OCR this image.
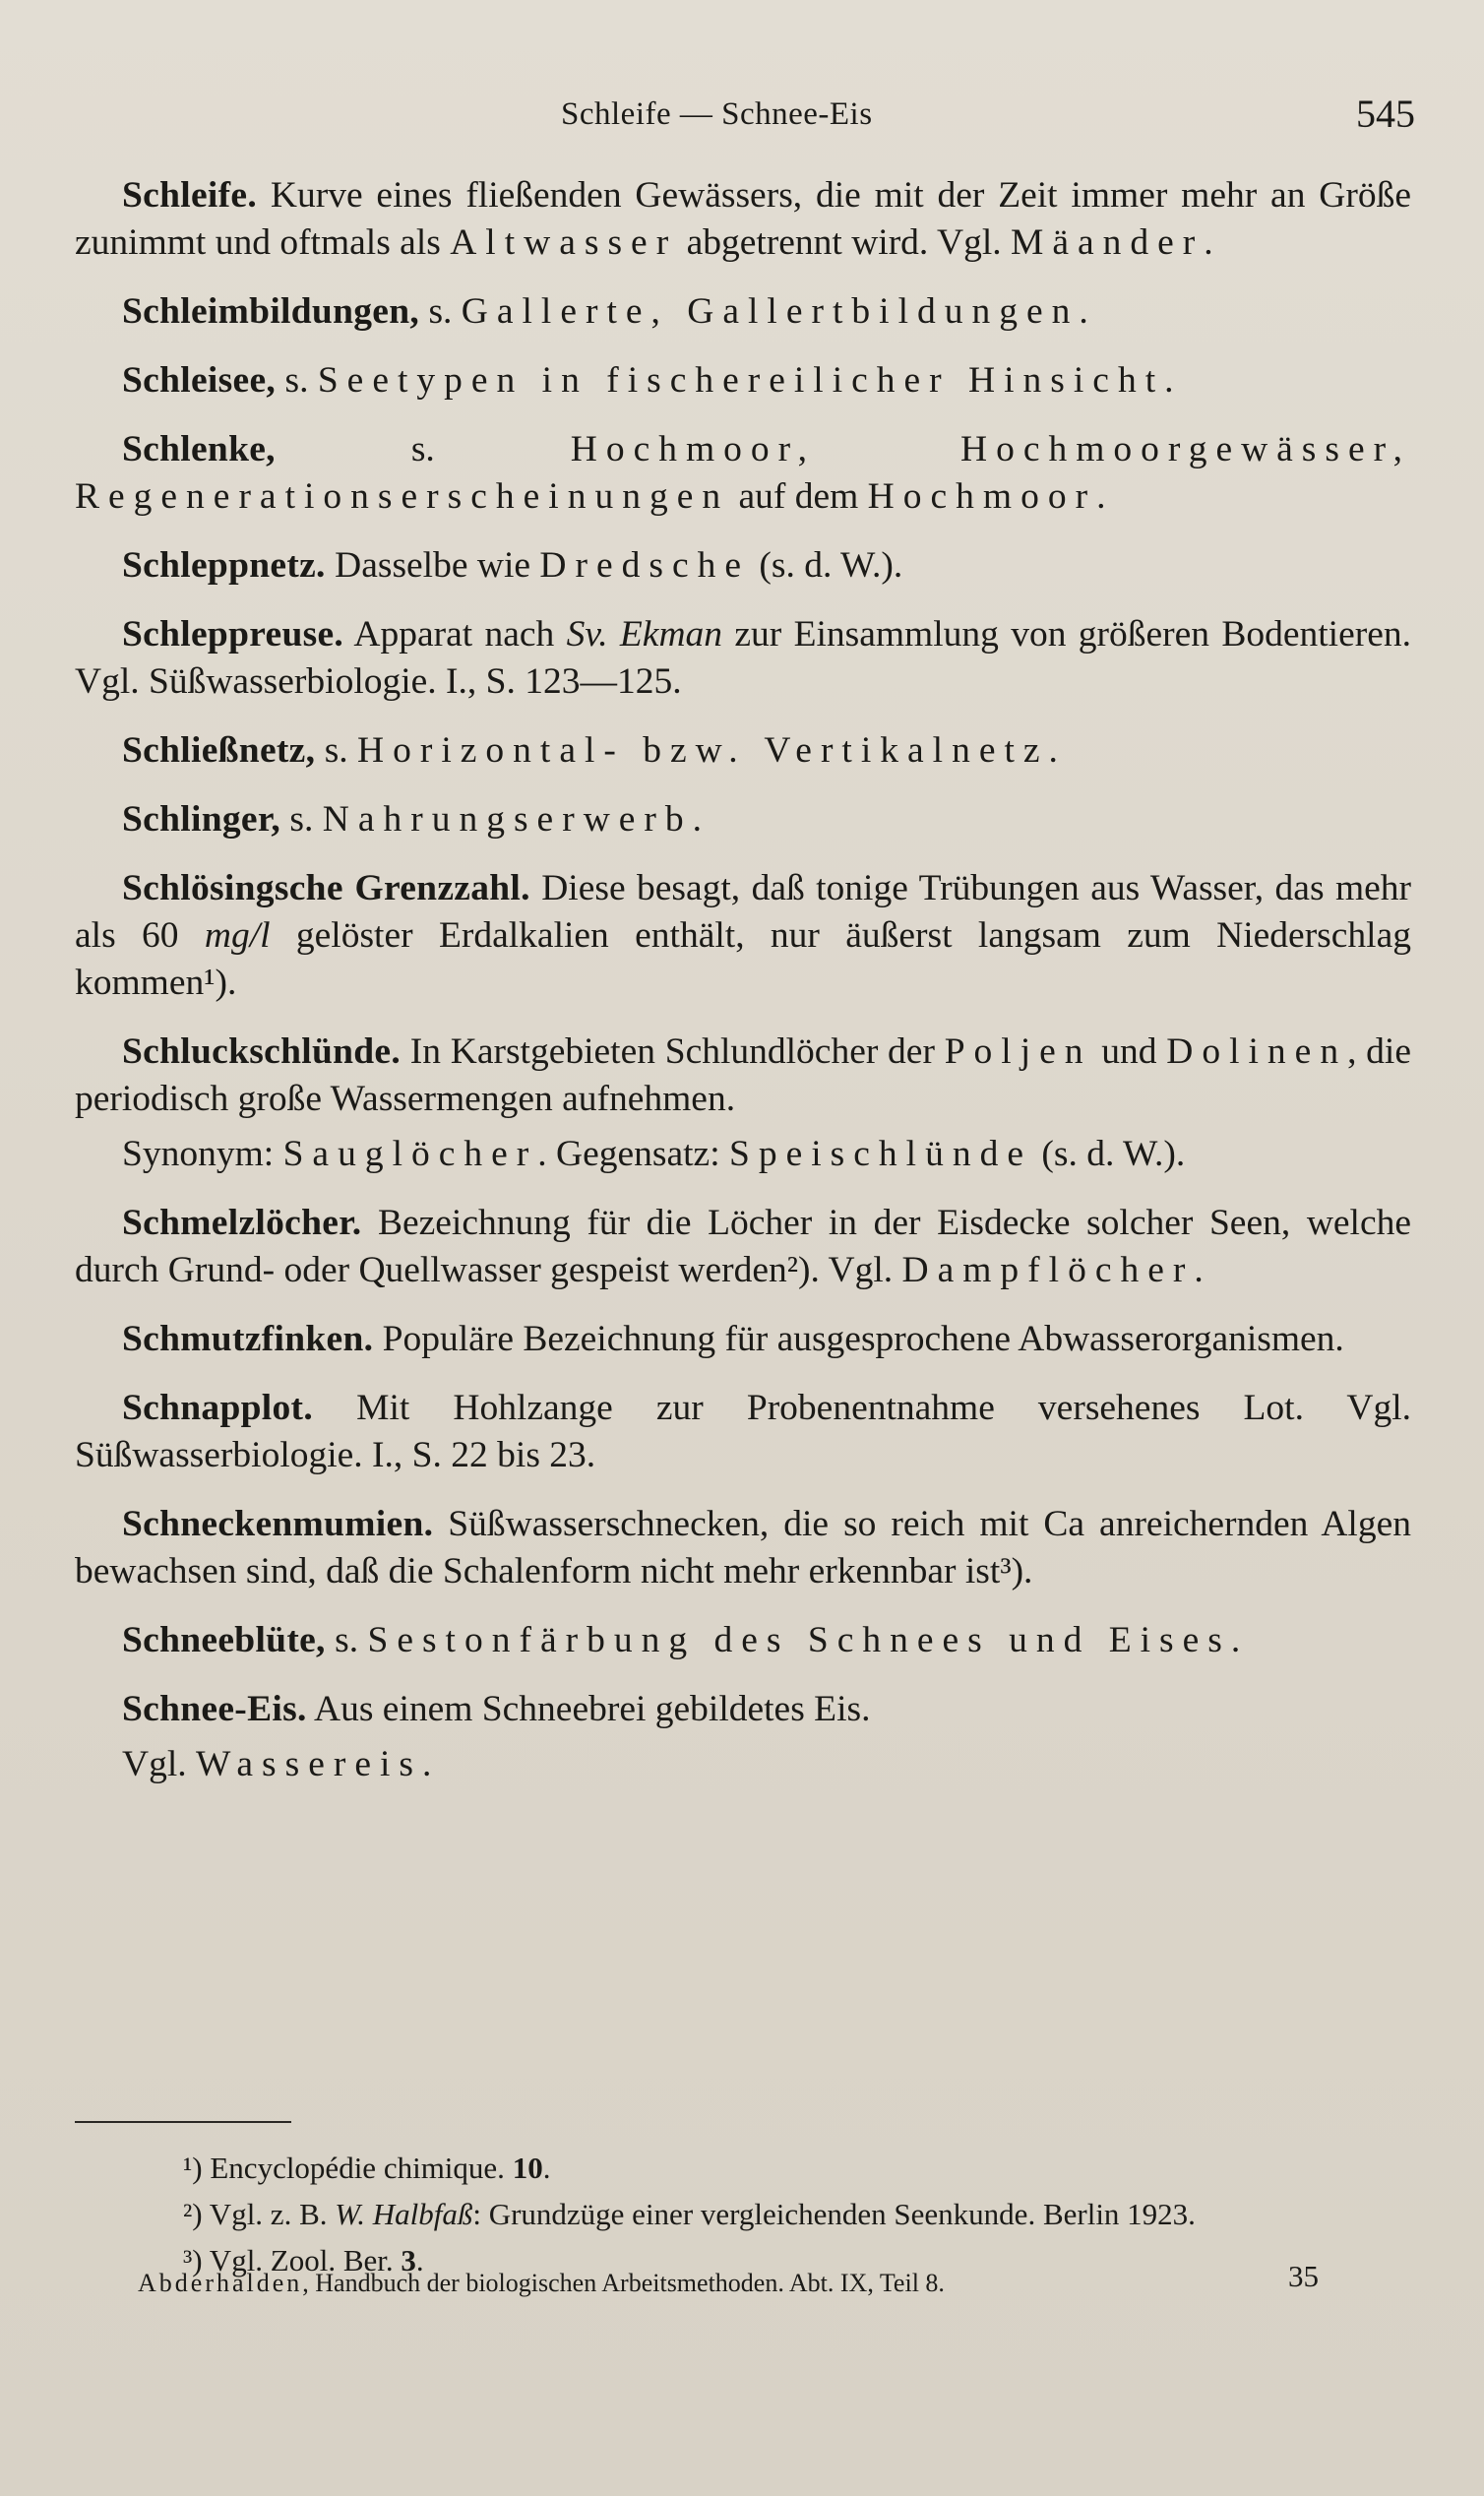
Schleife — Schnee-Eis	545

Schleife. Kurve eines fließenden Gewässers, die mit der Zeit immer mehr an Größe zunimmt und oftmals als Altwasser abgetrennt wird. Vgl. Mäander.

Schleimbildungen, s. Gallerte, Gallertbildungen.

Schleisee, s. Seetypen in fischereilicher Hinsicht.

Schlenke, s. Hochmoor, Hochmoorgewässer, Regenerationserscheinungen auf dem Hochmoor.

Schleppnetz. Dasselbe wie Dredsche (s. d. W.).

Schleppreuse. Apparat nach Sv. Ekman zur Einsammlung von größeren Bodentieren. Vgl. Süßwasserbiologie. I., S. 123—125.

Schließnetz, s. Horizontal- bzw. Vertikalnetz.

Schlinger, s. Nahrungserwerb.

Schlösingsche Grenzzahl. Diese besagt, daß tonige Trübungen aus Wasser, das mehr als 60 mg/l gelöster Erdalkalien enthält, nur äußerst langsam zum Niederschlag kommen¹).

Schluckschlünde. In Karstgebieten Schlundlöcher der Poljen und Dolinen, die periodisch große Wassermengen aufnehmen.

Synonym: Sauglöcher. Gegensatz: Speischlünde (s. d. W.).

Schmelzlöcher. Bezeichnung für die Löcher in der Eisdecke solcher Seen, welche durch Grund- oder Quellwasser gespeist werden²). Vgl. Dampflöcher.

Schmutzfinken. Populäre Bezeichnung für ausgesprochene Abwasserorganismen.

Schnapplot. Mit Hohlzange zur Probenentnahme versehenes Lot. Vgl. Süßwasserbiologie. I., S. 22 bis 23.

Schneckenmumien. Süßwasserschnecken, die so reich mit Ca anreichernden Algen bewachsen sind, daß die Schalenform nicht mehr erkennbar ist³).

Schneeblüte, s. Sestonfärbung des Schnees und Eises.

Schnee-Eis. Aus einem Schneebrei gebildetes Eis.

Vgl. Wassereis.

¹) Encyclopédie chimique. 10.

²) Vgl. z. B. W. Halbfaß: Grundzüge einer vergleichenden Seenkunde. Berlin 1923.

³) Vgl. Zool. Ber. 3.

Abderhalden, Handbuch der biologischen Arbeitsmethoden. Abt. IX, Teil 8.	35
